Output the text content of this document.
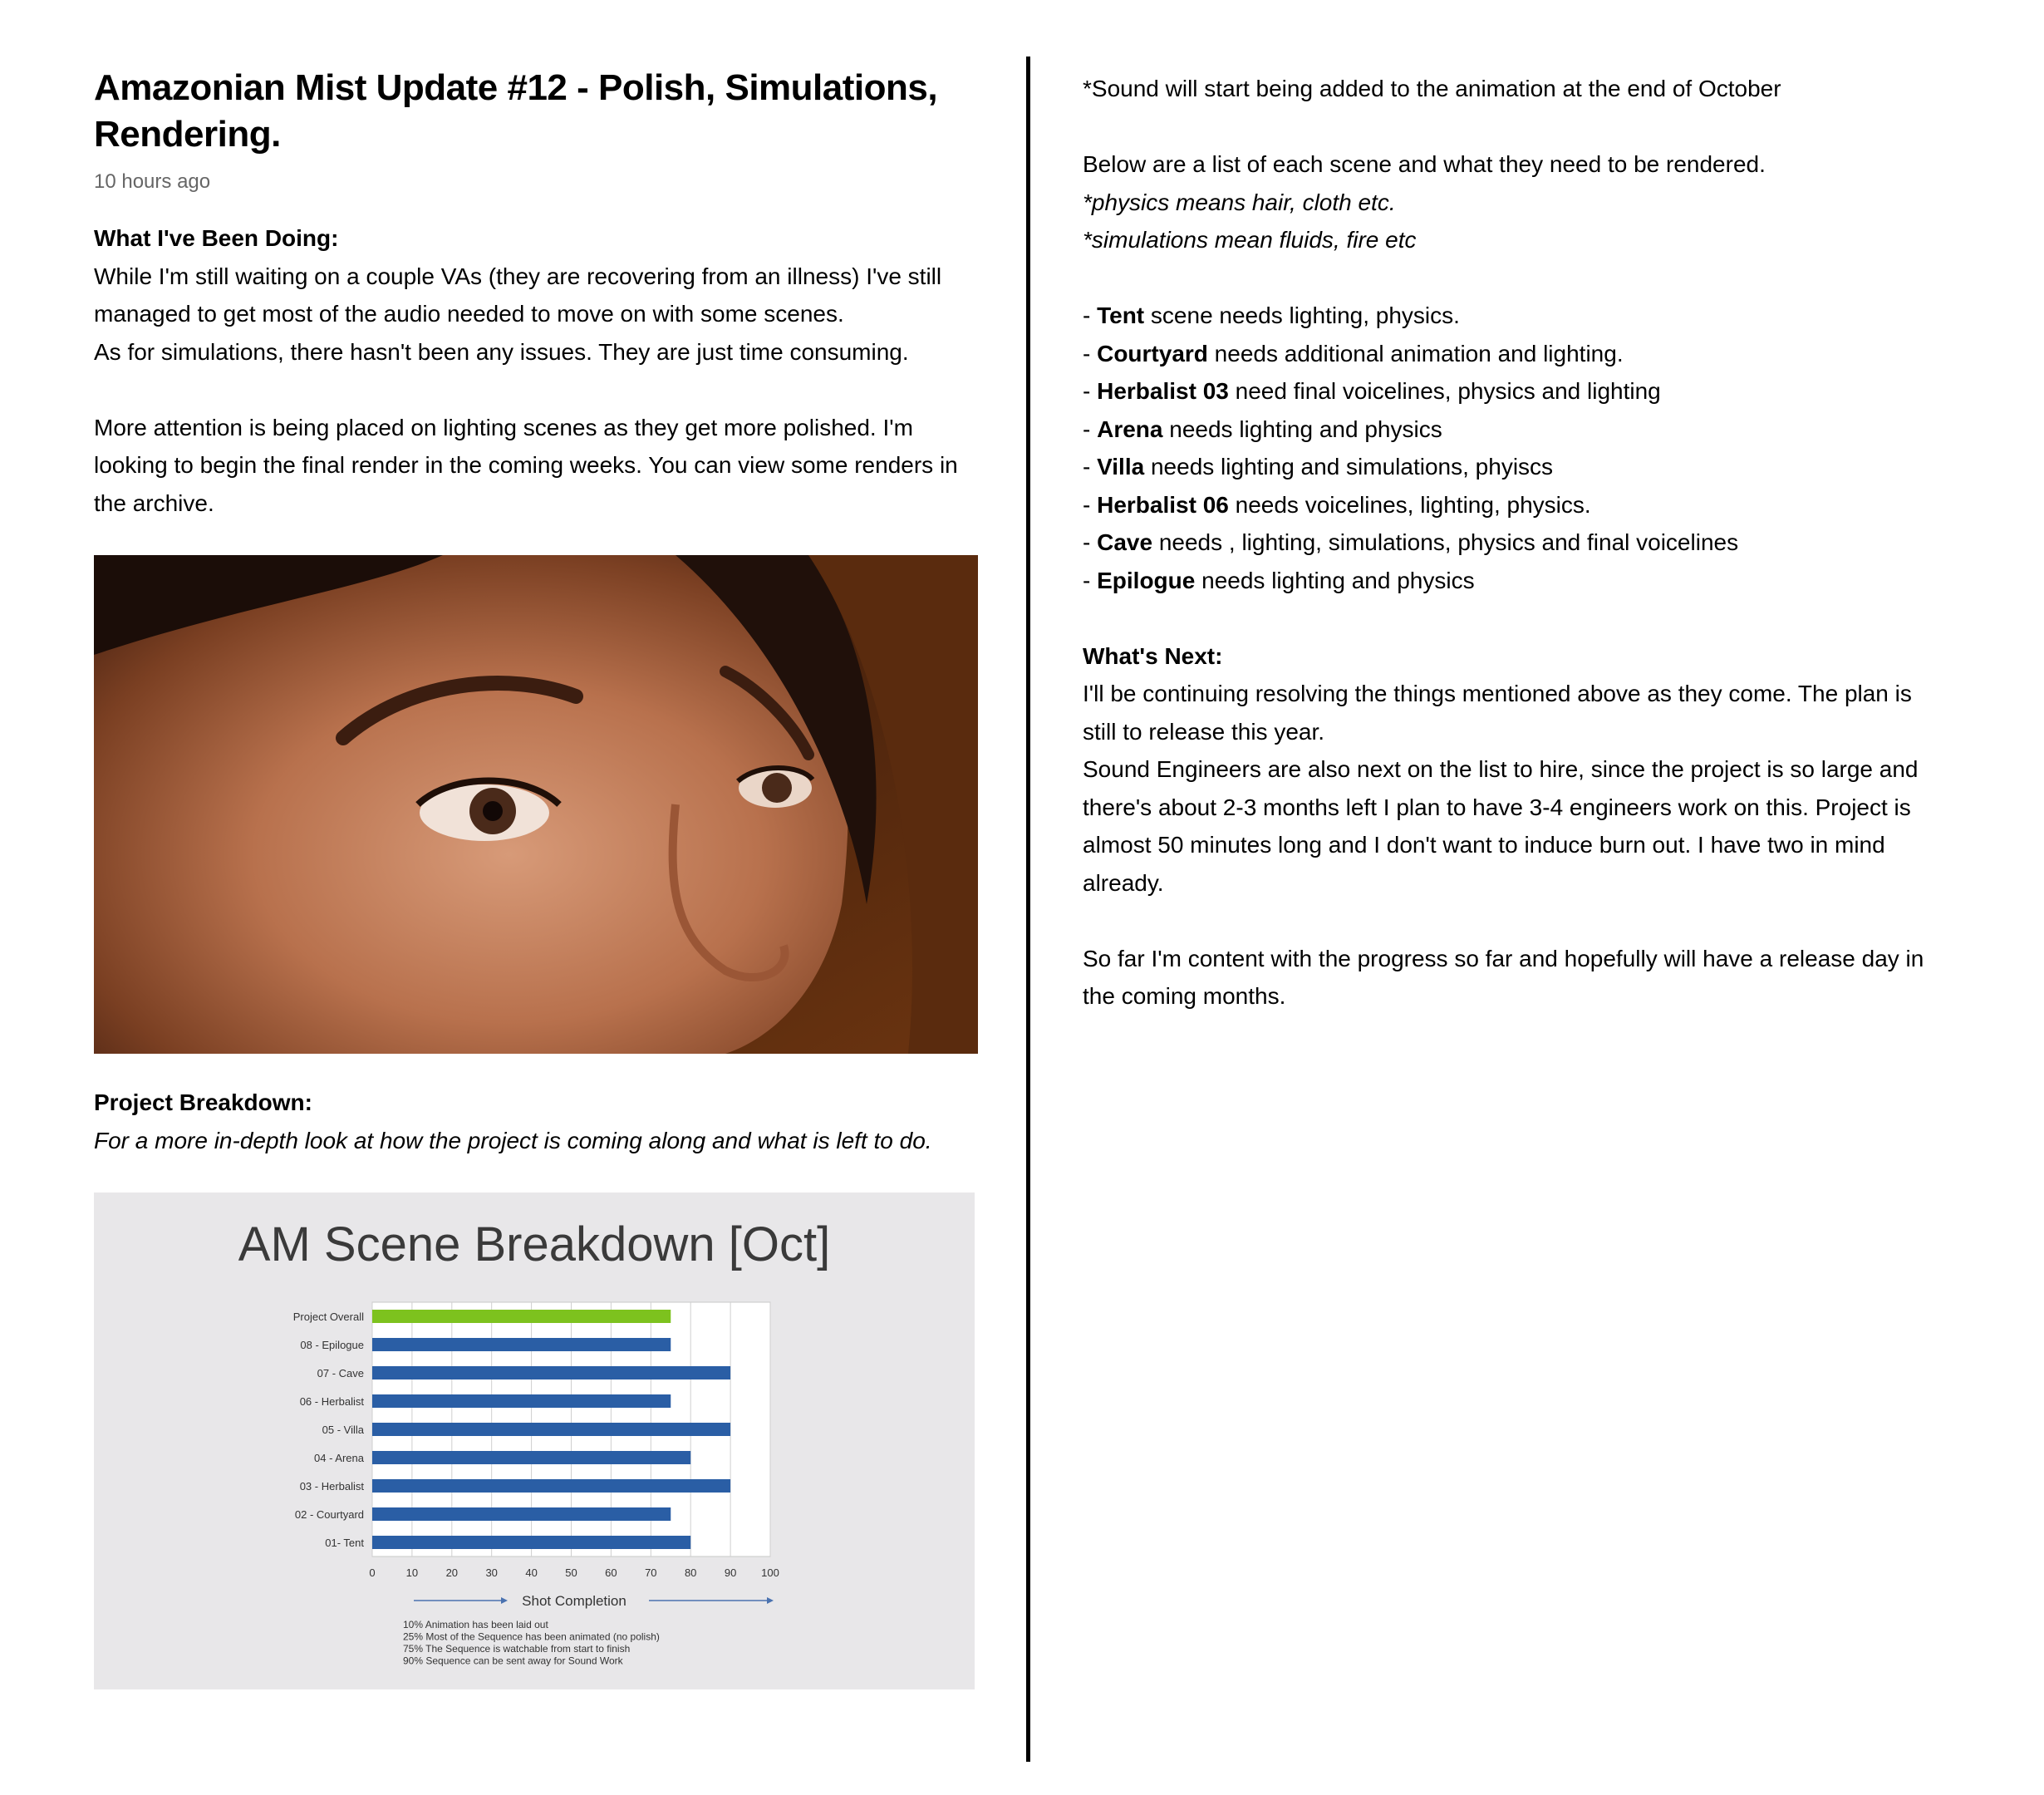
Amazonian Mist Update #12 - Polish, Simulations, Rendering.
10 hours ago

What I've Been Doing:

While I'm still waiting on a couple VAs (they are recovering from an illness) I've still

managed to get most of the audio needed to move on with some scenes.

As for simulations, there hasn't been any issues. They are just time consuming.

More attention is being placed on lighting scenes as they get more polished. I'm

looking to begin the final render in the coming weeks. You can view some renders in

the archive.

Project Breakdown:

For a more in-depth look at how the project is coming along and what is left to do.

AM Scene Breakdown [Oct]
Project Overall
08 - Epilogue
07 - Cave
06 - Herbalist
05 - Villa
04 - Arena
03 - Herbalist
02 - Courtyard
01- Tent
0	10	20	30	40	50	60	70	80	90 100
Shot Completion
10% Animation has been laid out
25% Most of the Sequence has been animated (no polish)
75% The Sequence is watchable from start to finish
90% Sequence can be sent away for Sound Work

*Sound will start being added to the animation at the end of October

Below are a list of each scene and what they need to be rendered.

*physics means hair, cloth etc.

*simulations mean fluids, fire etc

- Tent scene needs lighting, physics.

- Courtyard needs additional animation and lighting.

- Herbalist 03 need final voicelines, physics and lighting

- Arena needs lighting and physics

- Villa needs lighting and simulations, phyiscs

- Herbalist 06 needs voicelines, lighting, physics.

- Cave needs , lighting, simulations, physics and final voicelines

- Epilogue needs lighting and physics

What's Next:

I'll be continuing resolving the things mentioned above as they come. The plan is

still to release this year.

Sound Engineers are also next on the list to hire, since the project is so large and

there's about 2-3 months left I plan to have 3-4 engineers work on this. Project is

almost 50 minutes long and I don't want to induce burn out. I have two in mind

already.

So far I'm content with the progress so far and hopefully will have a release day in

the coming months.
